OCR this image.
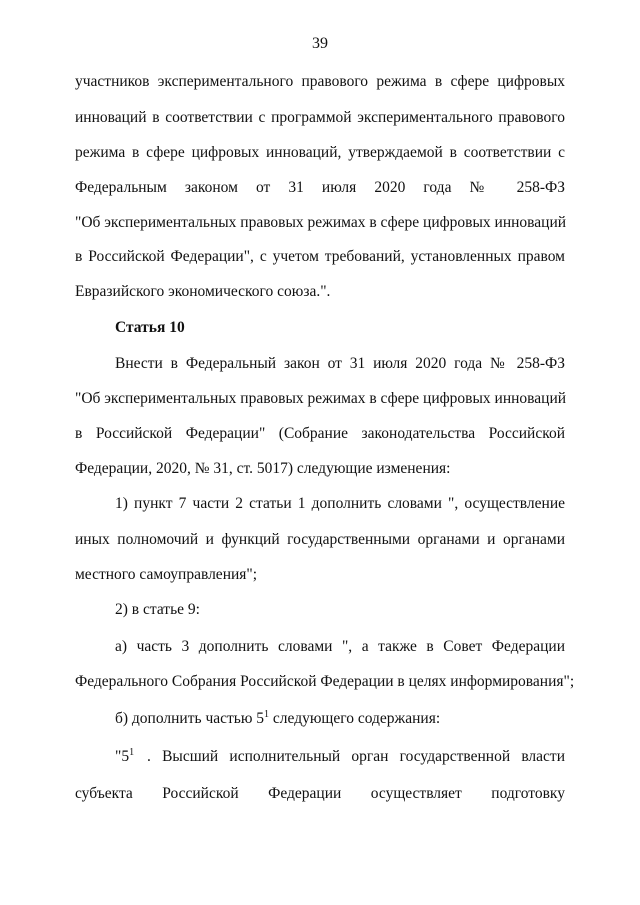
39
участников экспериментального правового режима в сфере цифровых
инноваций в соответствии с программой экспериментального правового
режима в сфере цифровых инноваций, утверждаемой в соответствии с
Федеральным законом от 31 июля 2020 года № 258-ФЗ
"Об экспериментальных правовых режимах в сфере цифровых инноваций
в Российской Федерации", с учетом требований, установленных правом
Евразийского экономического союза.".
Статья 10
Внести в Федеральный закон от 31 июля 2020 года № 258-ФЗ
"Об экспериментальных правовых режимах в сфере цифровых инноваций
в Российской Федерации" (Собрание законодательства Российской
Федерации, 2020, № 31, ст. 5017) следующие изменения:
1) пункт 7 части 2 статьи 1 дополнить словами ", осуществление
иных полномочий и функций государственными органами и органами
местного самоуправления";
2) в статье 9:
а) часть 3 дополнить словами ", а также в Совет Федерации
Федерального Собрания Российской Федерации в целях информирования";
б) дополнить частью $5^1$ следующего содержания:
"$5^1$ . Высший исполнительный орган государственной власти
субъекта Российской Федерации осуществляет подготовку
